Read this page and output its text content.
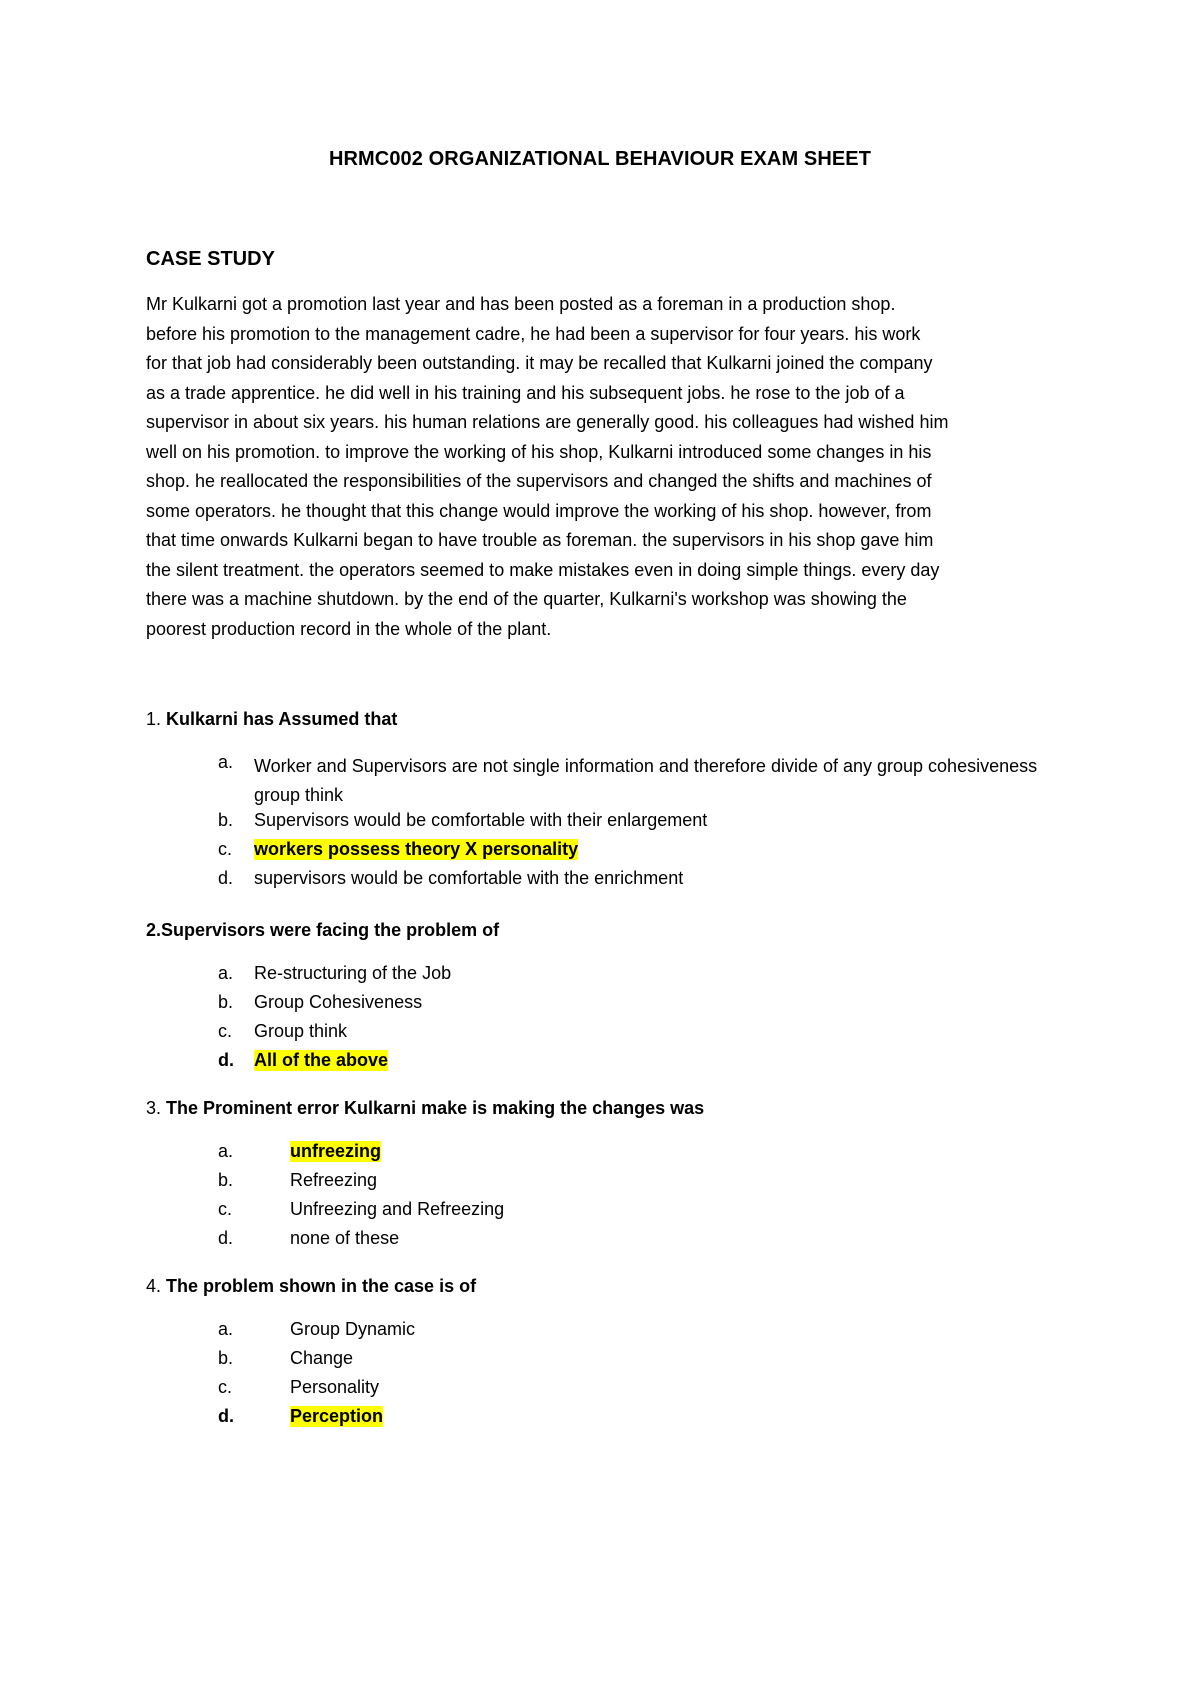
HRMC002 ORGANIZATIONAL BEHAVIOUR EXAM SHEET
CASE STUDY
Mr Kulkarni got a promotion last year and has been posted as a foreman in a production shop.
before his promotion to the management cadre, he had been a supervisor for four years. his work
for that job had considerably been outstanding. it may be recalled that Kulkarni joined the company
as a trade apprentice. he did well in his training and his subsequent jobs. he rose to the job of a
supervisor in about six years. his human relations are generally good. his colleagues had wished him
well on his promotion. to improve the working of his shop, Kulkarni introduced some changes in his
shop. he reallocated the responsibilities of the supervisors and changed the shifts and machines of
some operators. he thought that this change would improve the working of his shop. however, from
that time onwards Kulkarni began to have trouble as foreman. the supervisors in his shop gave him
the silent treatment. the operators seemed to make mistakes even in doing simple things. every day
there was a machine shutdown. by the end of the quarter, Kulkarni's workshop was showing the
poorest production record in the whole of the plant.
1. Kulkarni has Assumed that
a. Worker and Supervisors are not single information and therefore divide of any group cohesiveness group think
b. Supervisors would be comfortable with their enlargement
c. workers possess theory X personality
d. supervisors would be comfortable with the enrichment
2.Supervisors were facing the problem of
a. Re-structuring of the Job
b. Group Cohesiveness
c. Group think
d. All of the above
3. The Prominent error Kulkarni make is making the changes was
a.	unfreezing
b.	Refreezing
c.	Unfreezing and Refreezing
d.	none of these
4. The problem shown in the case is of
a.	Group Dynamic
b.	Change
c.	Personality
d.	Perception
